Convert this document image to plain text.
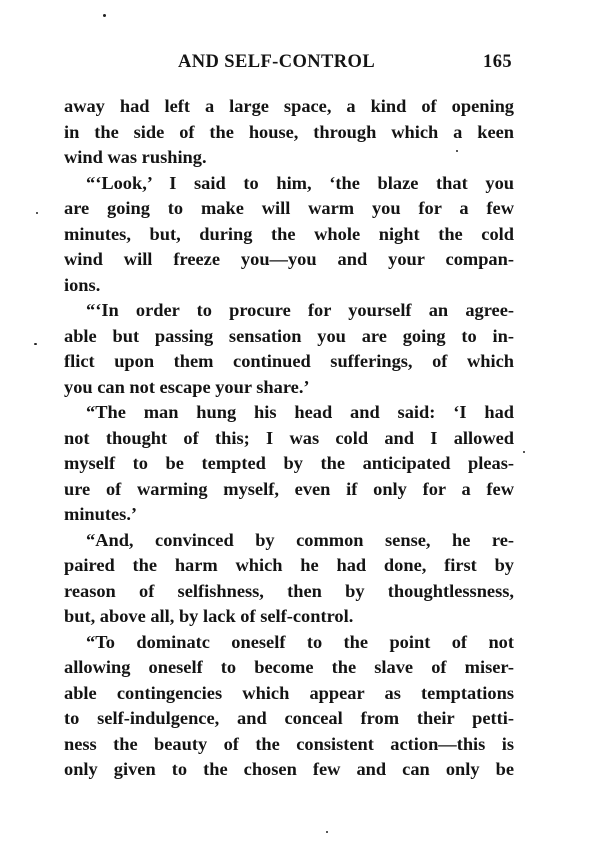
AND SELF-CONTROL	165
away had left a large space, a kind of opening
in the side of the house, through which a keen
wind was rushing.
“‘Look,’ I said to him, ‘the blaze that you
are going to make will warm you for a few
minutes, but, during the whole night the cold
wind will freeze you—you and your compan-
ions.
“‘In order to procure for yourself an agree-
able but passing sensation you are going to in-
flict upon them continued sufferings, of which
you can not escape your share.’
“The man hung his head and said: ‘I had
not thought of this; I was cold and I allowed
myself to be tempted by the anticipated pleas-
ure of warming myself, even if only for a few
minutes.’
“And, convinced by common sense, he re-
paired the harm which he had done, first by
reason of selfishness, then by thoughtlessness,
but, above all, by lack of self-control.
“To dominatc oneself to the point of not
allowing oneself to become the slave of miser-
able contingencies which appear as temptations
to self-indulgence, and conceal from their petti-
ness the beauty of the consistent action—this is
only given to the chosen few and can only be
